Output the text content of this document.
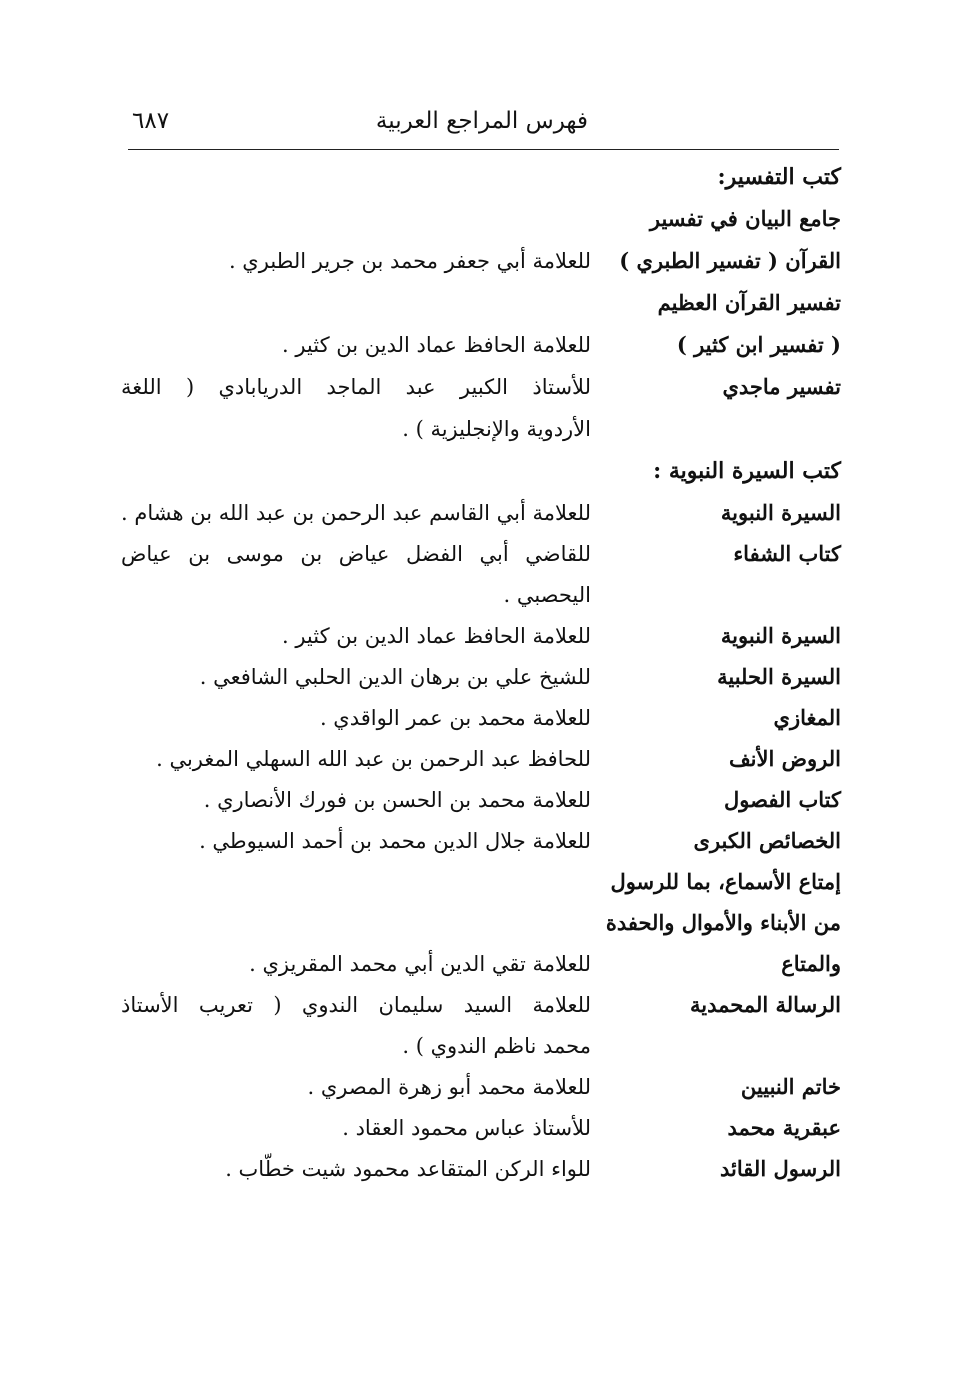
فهرس المراجع العربية
٦٨٧
كتب التفسير:
جامع البيان في تفسير
القرآن ( تفسير الطبري )
للعلامة أبي جعفر محمد بن جرير الطبري .
تفسير القرآن العظيم
( تفسير ابن كثير )
للعلامة الحافظ عماد الدين بن كثير .
تفسير ماجدي
للأستاذ الكبير عبد الماجد الدريابادي ( اللغة
الأردوية والإنجليزية ) .
كتب السيرة النبوية :
السيرة النبوية
للعلامة أبي القاسم عبد الرحمن بن عبد الله بن هشام .
كتاب الشفاء
للقاضي أبي الفضل عياض بن موسى بن عياض
اليحصبي .
السيرة النبوية
للعلامة الحافظ عماد الدين بن كثير .
السيرة الحلبية
للشيخ علي بن برهان الدين الحلبي الشافعي .
المغازي
للعلامة محمد بن عمر الواقدي .
الروض الأنف
للحافظ عبد الرحمن بن عبد الله السهلي المغربي .
كتاب الفصول
للعلامة محمد بن الحسن بن فورك الأنصاري .
الخصائص الكبرى
للعلامة جلال الدين محمد بن أحمد السيوطي .
إمتاع الأسماع، بما للرسول
من الأبناء والأموال والحفدة
والمتاع
للعلامة تقي الدين أبي محمد المقريزي .
الرسالة المحمدية
للعلامة السيد سليمان الندوي ( تعريب الأستاذ
محمد ناظم الندوي ) .
خاتم النبيين
للعلامة محمد أبو زهرة المصري .
عبقرية محمد
للأستاذ عباس محمود العقاد .
الرسول القائد
للواء الركن المتقاعد محمود شيت خطّاب .
